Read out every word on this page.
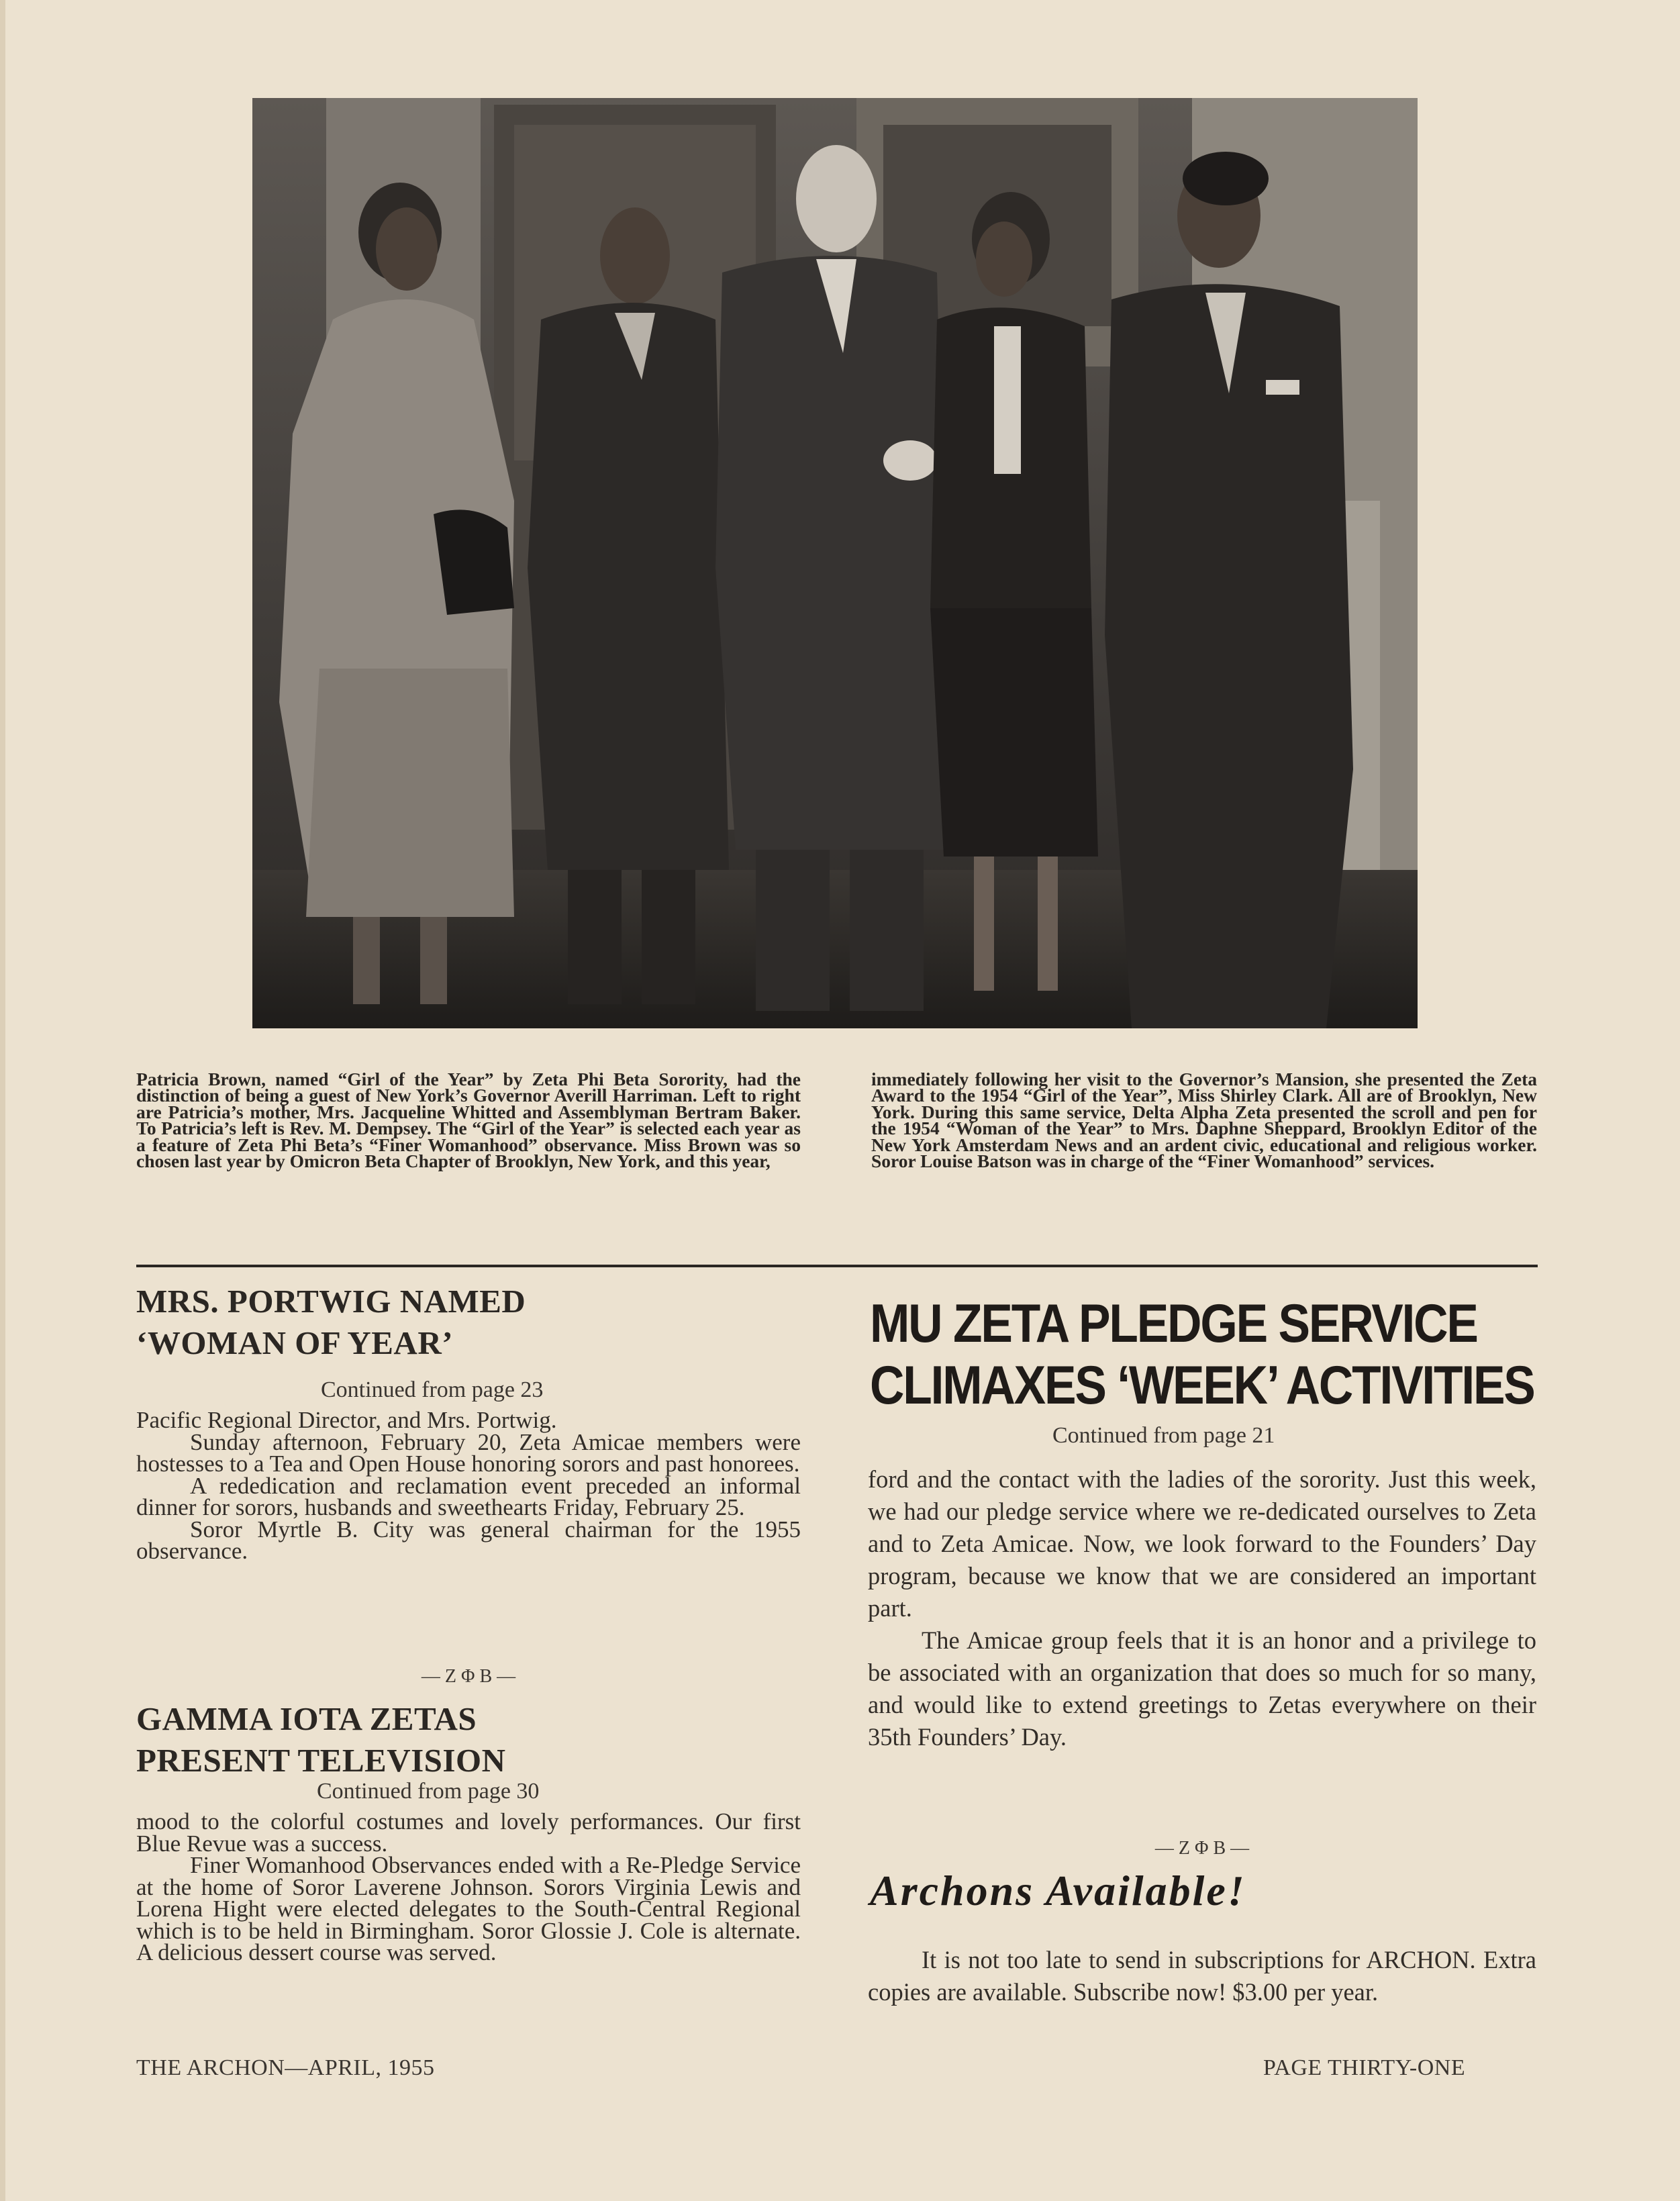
Patricia Brown, named “Girl of the Year” by Zeta Phi Beta Sorority, had the distinction of being a guest of New York’s Governor Averill Harriman. Left to right are Patricia’s mother, Mrs. Jacqueline Whitted and Assemblyman Bertram Baker. To Patricia’s left is Rev. M. Dempsey. The “Girl of the Year” is selected each year as a feature of Zeta Phi Beta’s “Finer Womanhood” observance. Miss Brown was so chosen last year by Omicron Beta Chapter of Brooklyn, New York, and this year,

immediately following her visit to the Governor’s Mansion, she presented the Zeta Award to the 1954 “Girl of the Year”, Miss Shirley Clark. All are of Brooklyn, New York. During this same service, Delta Alpha Zeta presented the scroll and pen for the 1954 “Woman of the Year” to Mrs. Daphne Sheppard, Brooklyn Editor of the New York Amsterdam News and an ardent civic, educational and religious worker. Soror Louise Batson was in charge of the “Finer Womanhood” services.

MRS. PORTWIG NAMED
‘WOMAN OF YEAR’

Continued from page 23

Pacific Regional Director, and Mrs. Portwig.

Sunday afternoon, February 20, Zeta Amicae members were hostesses to a Tea and Open House honoring sorors and past honorees.

A rededication and reclamation event preceded an informal dinner for sorors, husbands and sweethearts Friday, February 25.

Soror Myrtle B. City was general chairman for the 1955 observance.

— Z Φ B —

GAMMA IOTA ZETAS
PRESENT TELEVISION

Continued from page 30

mood to the colorful costumes and lovely performances. Our first Blue Revue was a success.

Finer Womanhood Observances ended with a Re-Pledge Service at the home of Soror Laverene Johnson. Sorors Virginia Lewis and Lorena Hight were elected delegates to the South-Central Regional which is to be held in Birmingham. Soror Glossie J. Cole is alternate. A delicious dessert course was served.

MU ZETA PLEDGE SERVICE
CLIMAXES ‘WEEK’ ACTIVITIES

Continued from page 21

ford and the contact with the ladies of the sorority. Just this week, we had our pledge service where we re-dedicated ourselves to Zeta and to Zeta Amicae. Now, we look forward to the Founders’ Day program, because we know that we are considered an important part.

The Amicae group feels that it is an honor and a privilege to be associated with an organization that does so much for so many, and would like to extend greetings to Zetas everywhere on their 35th Founders’ Day.

— Z Φ B —

Archons Available!

It is not too late to send in subscriptions for ARCHON. Extra copies are available. Subscribe now! $3.00 per year.

THE ARCHON—APRIL, 1955	PAGE THIRTY-ONE
